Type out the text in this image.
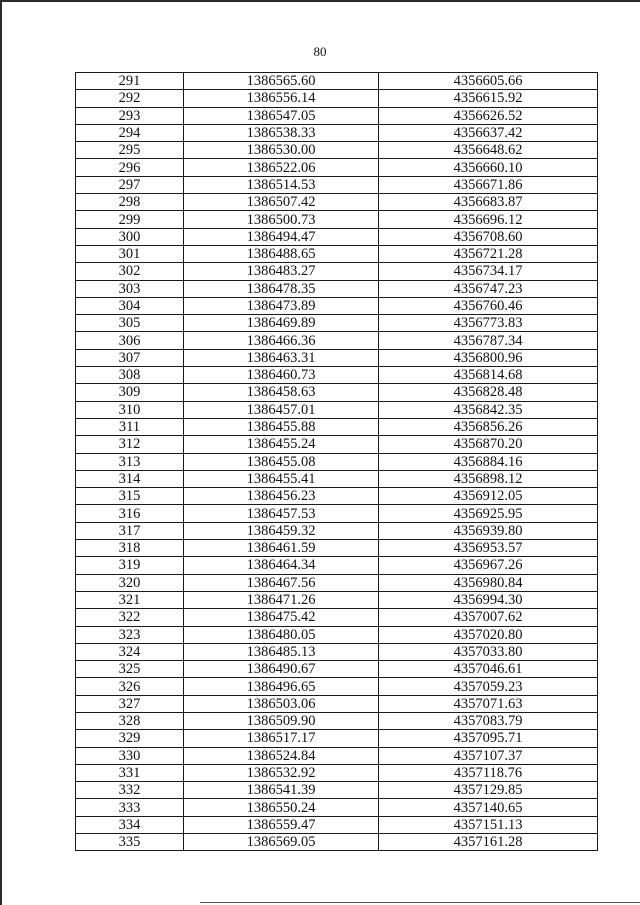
80
291	1386565.60	4356605.66
292	1386556.14	4356615.92
293	1386547.05	4356626.52
294	1386538.33	4356637.42
295	1386530.00	4356648.62
296	1386522.06	4356660.10
297	1386514.53	4356671.86
298	1386507.42	4356683.87
299	1386500.73	4356696.12
300	1386494.47	4356708.60
301	1386488.65	4356721.28
302	1386483.27	4356734.17
303	1386478.35	4356747.23
304	1386473.89	4356760.46
305	1386469.89	4356773.83
306	1386466.36	4356787.34
307	1386463.31	4356800.96
308	1386460.73	4356814.68
309	1386458.63	4356828.48
310	1386457.01	4356842.35
311	1386455.88	4356856.26
312	1386455.24	4356870.20
313	1386455.08	4356884.16
314	1386455.41	4356898.12
315	1386456.23	4356912.05
316	1386457.53	4356925.95
317	1386459.32	4356939.80
318	1386461.59	4356953.57
319	1386464.34	4356967.26
320	1386467.56	4356980.84
321	1386471.26	4356994.30
322	1386475.42	4357007.62
323	1386480.05	4357020.80
324	1386485.13	4357033.80
325	1386490.67	4357046.61
326	1386496.65	4357059.23
327	1386503.06	4357071.63
328	1386509.90	4357083.79
329	1386517.17	4357095.71
330	1386524.84	4357107.37
331	1386532.92	4357118.76
332	1386541.39	4357129.85
333	1386550.24	4357140.65
334	1386559.47	4357151.13
335	1386569.05	4357161.28
